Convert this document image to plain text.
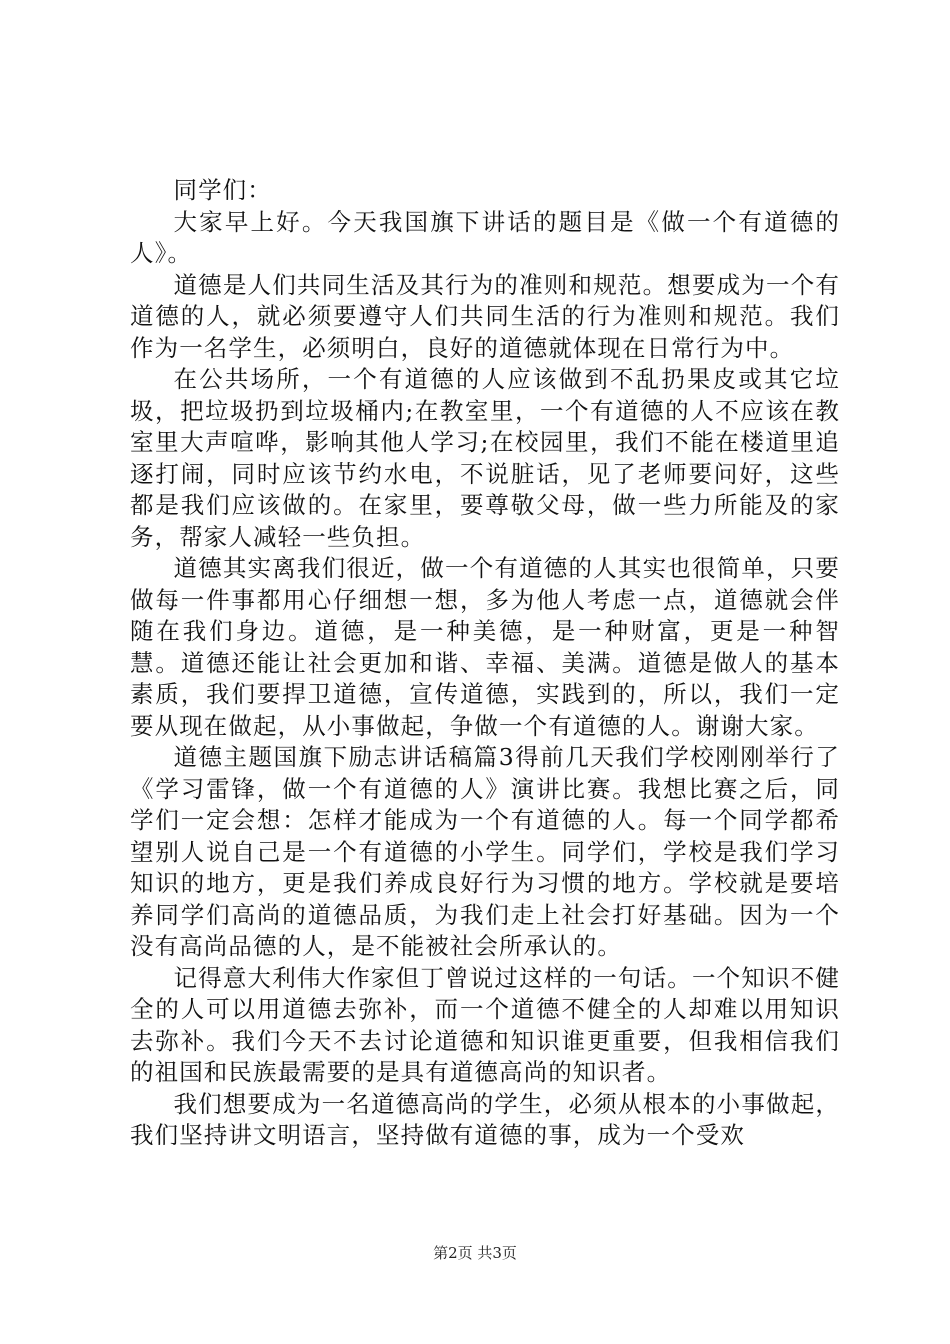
同学们：

大家早上好。今天我国旗下讲话的题目是《做一个有道德的人》。

道德是人们共同生活及其行为的准则和规范。想要成为一个有道德的人，就必须要遵守人们共同生活的行为准则和规范。我们作为一名学生，必须明白，良好的道德就体现在日常行为中。

在公共场所，一个有道德的人应该做到不乱扔果皮或其它垃圾，把垃圾扔到垃圾桶内;在教室里，一个有道德的人不应该在教室里大声喧哗，影响其他人学习;在校园里，我们不能在楼道里追逐打闹，同时应该节约水电，不说脏话，见了老师要问好，这些都是我们应该做的。在家里，要尊敬父母，做一些力所能及的家务，帮家人减轻一些负担。

道德其实离我们很近，做一个有道德的人其实也很简单，只要做每一件事都用心仔细想一想，多为他人考虑一点，道德就会伴随在我们身边。道德，是一种美德，是一种财富，更是一种智慧。道德还能让社会更加和谐、幸福、美满。道德是做人的基本素质，我们要捍卫道德，宣传道德，实践到的，所以，我们一定要从现在做起，从小事做起，争做一个有道德的人。谢谢大家。

道德主题国旗下励志讲话稿篇3得前几天我们学校刚刚举行了《学习雷锋，做一个有道德的人》演讲比赛。我想比赛之后，同学们一定会想：怎样才能成为一个有道德的人。每一个同学都希望别人说自己是一个有道德的小学生。同学们，学校是我们学习知识的地方，更是我们养成良好行为习惯的地方。学校就是要培养同学们高尚的道德品质，为我们走上社会打好基础。因为一个没有高尚品德的人，是不能被社会所承认的。

记得意大利伟大作家但丁曾说过这样的一句话。一个知识不健全的人可以用道德去弥补，而一个道德不健全的人却难以用知识去弥补。我们今天不去讨论道德和知识谁更重要，但我相信我们的祖国和民族最需要的是具有道德高尚的知识者。

我们想要成为一名道德高尚的学生，必须从根本的小事做起，我们坚持讲文明语言，坚持做有道德的事，成为一个受欢

第2页 共3页
